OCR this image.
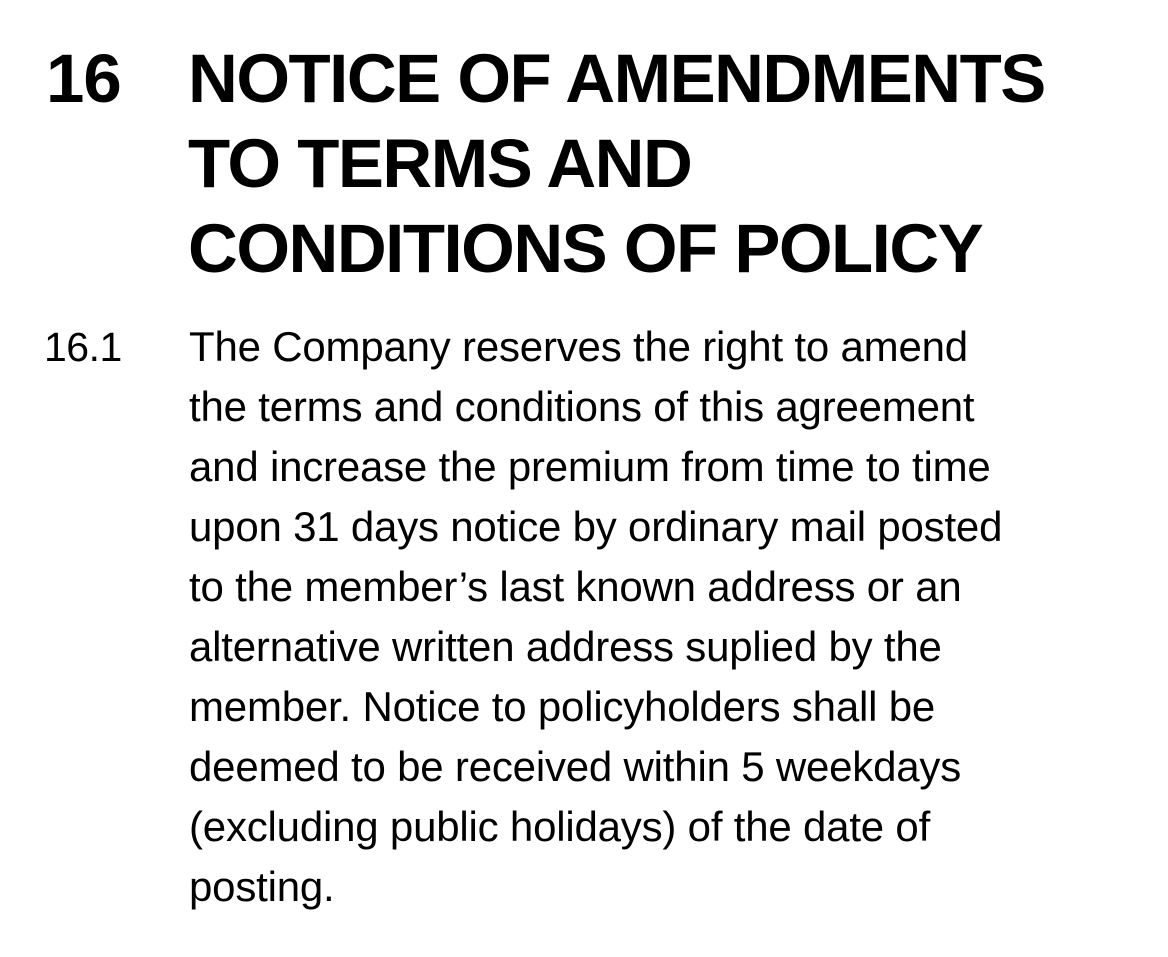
16 NOTICE OF AMENDMENTS
TO TERMS AND
CONDITIONS OF POLICY
16.1	The Company reserves the right to amend
the terms and conditions of this agreement
and increase the premium from time to time
upon 31 days notice by ordinary mail posted
to the member’s last known address or an
alternative written address suplied by the
member. Notice to policyholders shall be
deemed to be received within 5 weekdays
(excluding public holidays) of the date of
posting.
